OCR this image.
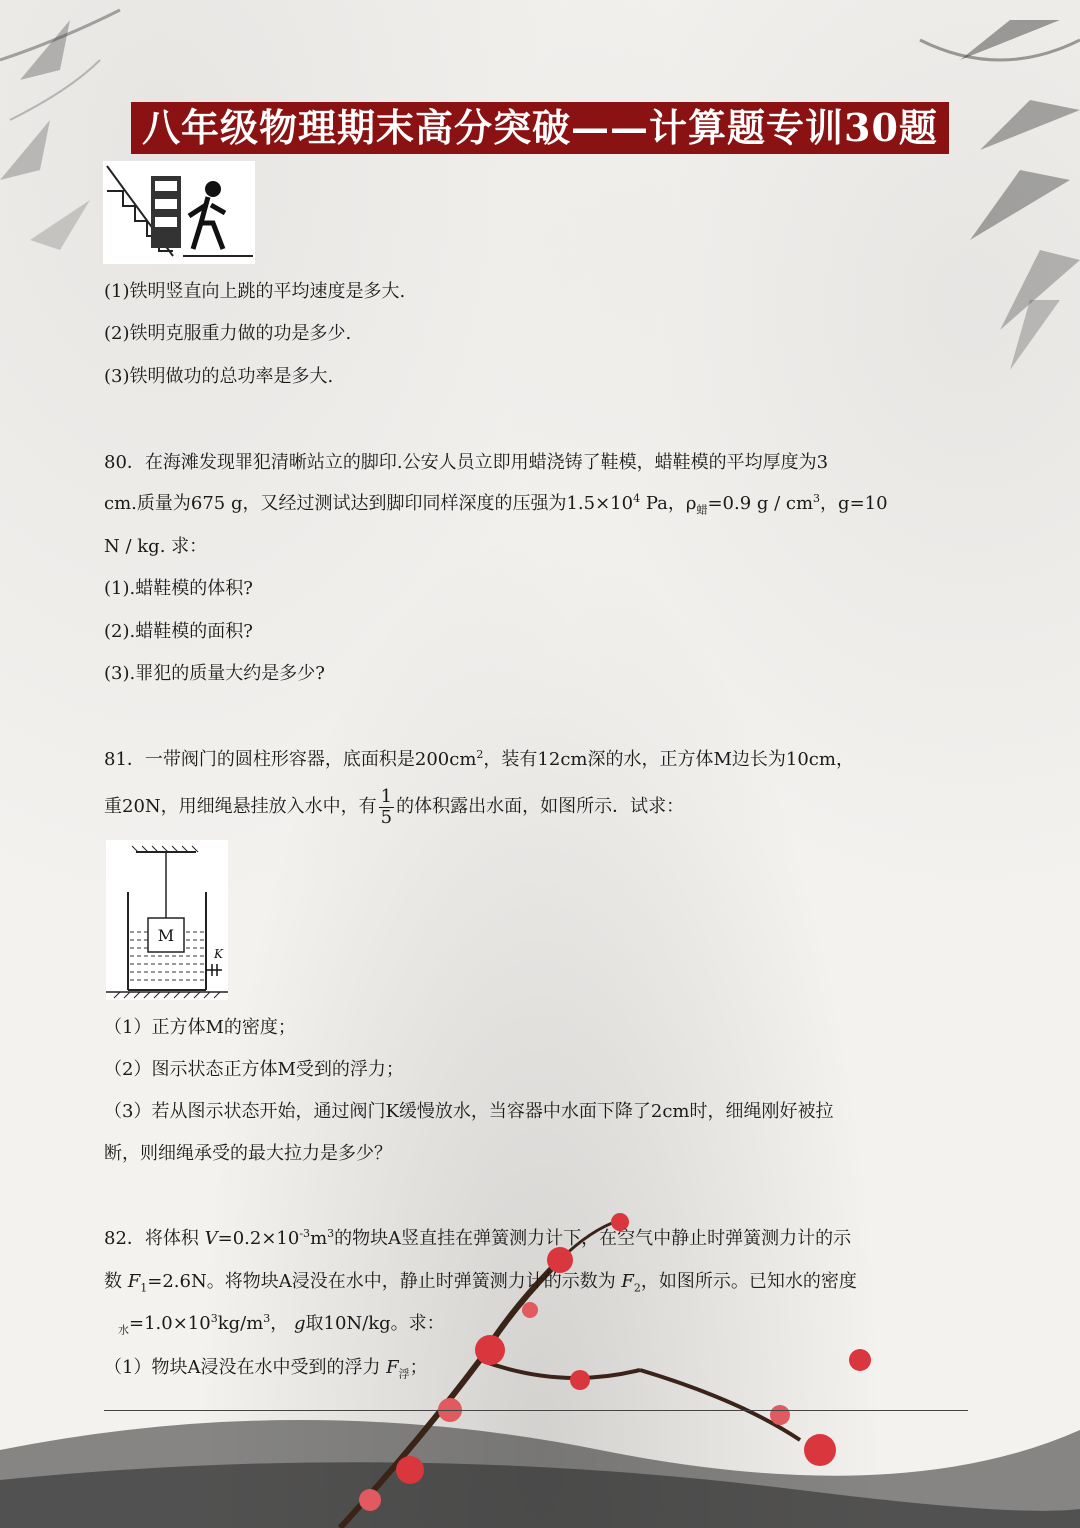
八年级物理期末高分突破——计算题专训30题
(1)铁明竖直向上跳的平均速度是多大.
(2)铁明克服重力做的功是多少.
(3)铁明做功的总功率是多大.
80．在海滩发现罪犯清晰站立的脚印.公安人员立即用蜡浇铸了鞋模，蜡鞋模的平均厚度为3
cm.质量为675 g，又经过测试达到脚印同样深度的压强为$1.5\times 10^4$ Pa，$\rho_蜡=0.9$ g / $cm^3$，g=10
N / kg. 求：
(1).蜡鞋模的体积?
(2).蜡鞋模的面积?
(3).罪犯的质量大约是多少?
81．一带阀门的圆柱形容器，底面积是$200cm^2$，装有12cm深的水，正方体M边长为10cm，
重20N，用细绳悬挂放入水中，有 $\frac{1}{5}$ 的体积露出水面，如图所示．试求：
M
K
（1）正方体M的密度；
（2）图示状态正方体M受到的浮力；
（3）若从图示状态开始，通过阀门K缓慢放水，当容器中水面下降了2cm时，细绳刚好被拉
断，则细绳承受的最大拉力是多少？
82．将体积 $V=0.2\times 10^{-3}m^3$的物块A竖直挂在弹簧测力计下，在空气中静止时弹簧测力计的示
数 $F_1=2.6N$。将物块A浸没在水中，静止时弹簧测力计的示数为 $F_2$，如图所示。已知水的密度
$_水=1.0\times 10^3kg/m^3$， g取10N/kg。求：
（1）物块A浸没在水中受到的浮力 $F_浮$；
